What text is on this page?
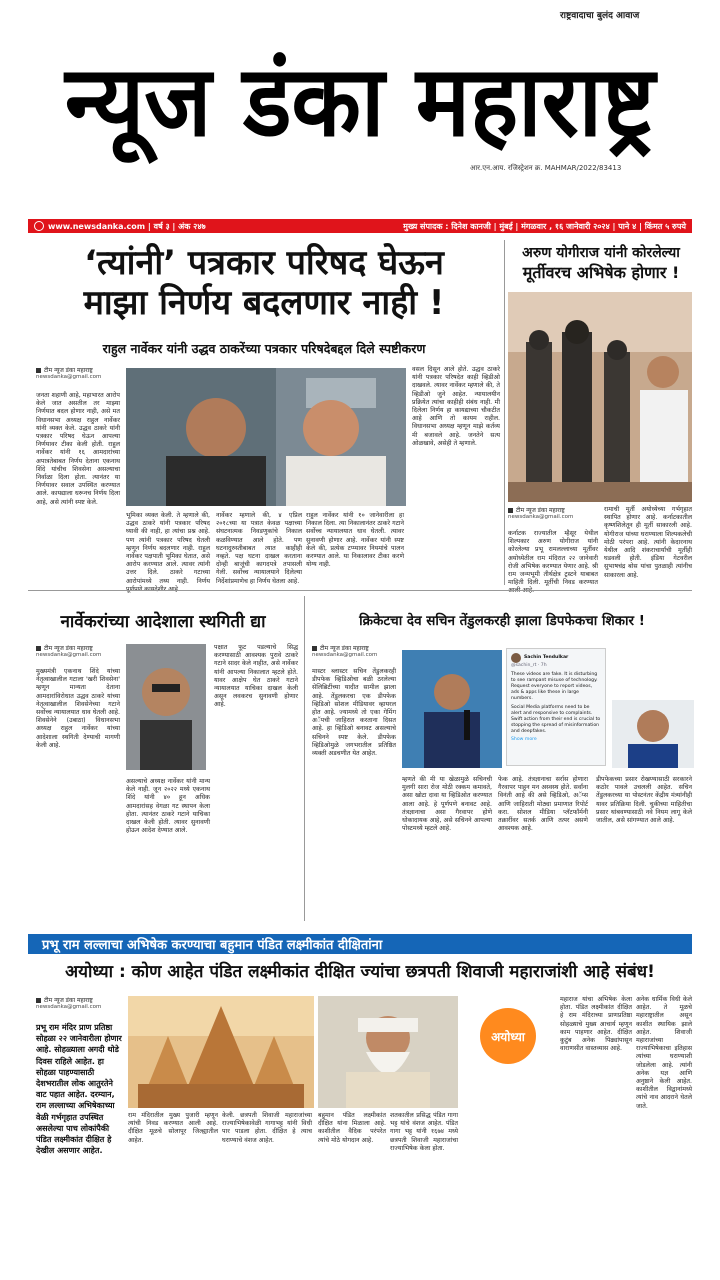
राष्ट्रवादाचा बुलंद आवाज
न्यूज डंका महाराष्ट्र
आर.एन.आय. रजिस्ट्रेशन क्र. MAHMAR/2022/83413
www.newsdanka.com | वर्ष ३ | अंक २४७	मुख्य संपादक : दिनेश कानजी | मुंबई | मंगळवार , १६ जानेवारी २०२४ | पाने ४ | किंमत ५ रुपये
‘त्यांनी’ पत्रकार परिषद घेऊन
माझा निर्णय बदलणार नाही !
राहुल नार्वेकर यांनी उद्धव ठाकरेंच्या पत्रकार परिषदेबद्दल दिले स्पष्टीकरण
टीम न्यूज डंका महाराष्ट्र
newsdanka@gmail.com
जनता शहाणी आहे, महाभारत आरोप केले जात असतील तर माझ्या निर्णयात बदल होणार नाही, असे मत विधानसभा अध्यक्ष राहुल नार्वेकर यांनी व्यक्त केले. उद्धव ठाकरे यांनी पत्रकार परिषद घेऊन आपल्या निर्णयावर टीका केली होती. राहुल नार्वेकर यांनी १६ आमदारांच्या अपात्रतेबाबत निर्णय देताना एकनाथ शिंदे यांचीच शिवसेना असल्याचा निर्वाळा दिला होता. त्यानंतर या निर्णयावर सवाल उपस्थित करण्यात आले. कायद्याला धरूनच निर्णय दिला आहे, असे त्यांनी स्पष्ट केले.
भूमिका व्यक्त केली. ते म्हणाले की, उद्धव ठाकरे यांनी पत्रकार परिषद घ्यावी की नाही, हा त्यांचा प्रश्न आहे. पण त्यांनी पत्रकार परिषद घेतली म्हणून निर्णय बदलणार नाही. राहुल नार्वेकर पक्षपाती भूमिका घेतात, असे आरोप करण्यात आले. त्यावर त्यांनी उत्तर दिले. ठाकरे गटाच्या आरोपांमध्ये तथ्य नाही. निर्णय
नार्वेकर म्हणाले की, ४ एप्रिल २०१८च्या या पत्रात केवळ पक्षाच्या संघटनात्मक निवडणुकांचे निकाल कळविण्यात आले होते. पण घटनादुरुस्तीबाबत त्यात काहीही नव्हते. पक्ष घटना दाखल करताना दोन्ही बाजूंची कागदपत्रे तपासली गेली. सर्वोच्च न्यायालयाने दिलेल्या निर्देशांप्रमाणेच हा निर्णय घेतला आहे.
राहुल नार्वेकर यांनी १० जानेवारीला हा निकाल दिला. त्या निकालानंतर ठाकरे गटाने सर्वोच्च न्यायालयात धाव घेतली. त्यावर सुनावणी होणार आहे. नार्वेकर यांनी स्पष्ट केले की, प्रत्येक टप्प्यावर नियमांचे पालन करण्यात आले. या निकालावर टीका करणे योग्य नाही.
वसल दिसून आले होते. उद्धव ठाकरे यांनी पत्रकार परिषदेत काही व्हिडीओ दाखवले. त्यावर नार्वेकर म्हणाले की, ते व्हिडीओ जुने आहेत. न्यायालयीन प्रक्रियेत त्यांचा काहीही संबंध नाही. मी दिलेला निर्णय हा कायद्याच्या चौकटीत आहे आणि तो कायम राहील. विधानसभा अध्यक्ष म्हणून माझे कर्तव्य मी बजावले आहे. जनतेने सत्य ओळखावे, असेही ते म्हणाले.
अरुण योगीराज यांनी कोरलेल्या
मूर्तीवरच अभिषेक होणार !
टीम न्यूज डंका महाराष्ट्र
newsdanka@gmail.com
कर्नाटक राज्यातील म्हैसूर येथील शिल्पकार अरुण योगीराज यांनी कोरलेल्या प्रभू रामलल्लाच्या मूर्तीवर अयोध्येतील राम मंदिरात २२ जानेवारी रोजी अभिषेक करण्यात येणार आहे. श्री राम जन्मभूमी तीर्थक्षेत्र ट्रस्टने याबाबत माहिती दिली. मूर्तीची निवड करण्यात
रामाची मूर्ती अयोध्येच्या गर्भगृहात स्थापित होणार आहे. कर्नाटकातील कृष्णशिलेतून ही मूर्ती साकारली आहे. योगीराज यांच्या घराण्याला शिल्पकलेची मोठी परंपरा आहे. त्यांनी केदारनाथ येथील आदि शंकराचार्यांची मूर्तीही घडवली होती. इंडिया गेटवरील सुभाषचंद्र बोस यांचा पुतळाही त्यांनीच साकारला आहे.
नार्वेकरांच्या आदेशाला स्थगिती द्या
टीम न्यूज डंका महाराष्ट्र
newsdanka@gmail.com
मुख्यमंत्री एकनाथ शिंदे यांच्या नेतृत्वाखालील गटाला 'खरी शिवसेना' म्हणून मान्यता देताना आमदारांविरोधात उद्धव ठाकरे यांच्या नेतृत्वाखालील शिवसेनेच्या गटाने सर्वोच्च न्यायालयात धाव घेतली आहे. शिवसेनेने (उबाठा) विधानसभा अध्यक्ष राहुल नार्वेकर यांच्या आदेशाला स्थगिती देण्याची मागणी केली आहे.
असल्याचे अध्यक्ष नार्वेकर यांनी मान्य केले नाही. जून २०२२ मध्ये एकनाथ शिंदे यांनी ४० हून अधिक आमदारांसह वेगळा गट स्थापन केला होता. त्यानंतर ठाकरे गटाने याचिका दाखल केली होती. त्यावर सुनावणी होऊन आदेश देण्यात आले.
पक्षात फूट पडल्याचे सिद्ध करण्यासाठी आवश्यक पुरावे ठाकरे गटाने सादर केले नाहीत, असे नार्वेकर यांनी आपल्या निकालात म्हटले होते. यावर आक्षेप घेत ठाकरे गटाने न्यायालयात याचिका दाखल केली असून लवकरच सुनावणी होणार आहे.
क्रिकेटचा देव सचिन तेंडुलकरही झाला डिपफेकचा शिकार !
टीम न्यूज डंका महाराष्ट्र
newsdanka@gmail.com
मास्टर ब्लास्टर सचिन तेंडुलकरही डीपफेक व्हिडिओचा बळी ठरलेल्या सेलिब्रिटींच्या यादीत सामील झाला आहे. तेंडुलकरचा एक डीपफेक व्हिडिओ सोशल मीडियावर व्हायरल होत आहे. ज्यामध्ये तो एका गेमिंग अॅपची जाहिरात करताना दिसत आहे. हा व्हिडिओ बनावट असल्याचे सचिनने स्पष्ट केले. डीपफेक व्हिडिओमुळे जगभरातील प्रतिष्ठित व्यक्ती अडचणीत येत आहेत.
Sachin Tendulkar
@sachin_rt · 7h
These videos are fake. It is disturbing to see rampant misuse of technology. Request everyone to report videos, ads & apps like these in large numbers.
Social Media platforms need to be alert and responsive to complaints. Swift action from their end is crucial to stopping the spread of misinformation and deepfakes.
Show more
म्हणते की मी या खेळामुळे सचिनची मुलगी सारा रोज मोठी रक्कम कमावते, असा खोटा दावा या व्हिडिओत करण्यात आला आहे. हे पूर्णपणे बनावट आहे. तंत्रज्ञानाचा असा गैरवापर होणे धोकादायक आहे, असे सचिनने आपल्या पोस्टमध्ये म्हटले आहे.
फेक आहे. तंत्रज्ञानाचा सर्रास होणारा गैरवापर पाहून मन अस्वस्थ होते. सर्वांना विनंती आहे की असे व्हिडिओ, अॅप्स आणि जाहिराती मोठ्या प्रमाणात रिपोर्ट करा. सोशल मीडिया प्लॅटफॉर्मनी तक्रारींवर सतर्क आणि तत्पर असणे आवश्यक आहे.
डीपफेकच्या प्रसार रोखण्यासाठी सरकारने कठोर पावले उचलली आहेत. सचिन तेंडुलकरच्या या पोस्टनंतर केंद्रीय मंत्र्यांनीही यावर प्रतिक्रिया दिली. चुकीच्या माहितीचा प्रसार थांबवण्यासाठी नवे नियम लागू केले जातील, असे सांगण्यात आले आहे.
प्रभू राम लल्लाचा अभिषेक करण्याचा बहुमान पंडित लक्ष्मीकांत दीक्षितांना
अयोध्या : कोण आहेत पंडित लक्ष्मीकांत दीक्षित ज्यांचा छत्रपती शिवाजी महाराजांशी आहे संबंध!
टीम न्यूज डंका महाराष्ट्र
newsdanka@gmail.com
प्रभू राम मंदिर प्राण प्रतिष्ठा सोहळा २२ जानेवारीला होणार आहे. सोहळ्याला अगदी थोडे दिवस राहिले आहेत. हा सोहळा पाहण्यासाठी देशभरातील लोक आतुरतेने वाट पहात आहेत. दरम्यान, राम लल्लाच्या अभिषेकाच्या वेळी गर्भगृहात उपस्थित असलेल्या पाच लोकांपैकी पंडित लक्ष्मीकांत दीक्षित हे देखील असणार आहेत.
अयोध्या
राम मंदिरातील मुख्य पुजारी म्हणून त्यांची निवड करण्यात आली आहे. दीक्षित मूळचे सोलापूर जिल्ह्यातील आहेत.
केली. छत्रपती शिवाजी महाराजांच्या राज्याभिषेकावेळी गागाभट्ट यांनी विधी पार पाडला होता. दीक्षित हे त्याच घराण्याचे वंशज आहेत.
बहुमान पंडित लक्ष्मीकांत दीक्षित यांना मिळाला आहे. काशीतील वैदिक परंपरेत त्यांचे मोठे योगदान आहे.
शतकातील प्रसिद्ध पंडित गागा भट्ट यांचे वंशज आहेत. पंडित गागा भट्ट यांनी १६७४ मध्ये छत्रपती शिवाजी महाराजांचा राज्याभिषेक केला होता.
महाराज यांचा अभिषेक केला होता. पंडित लक्ष्मीकांत दीक्षित हे राम मंदिराच्या प्राणप्रतिष्ठा सोहळ्याचे मुख्य आचार्य म्हणून काम पाहणार आहेत. दीक्षित कुटुंब अनेक पिढ्यांपासून वाराणसीत वास्तव्यास आहे.
अनेक धार्मिक विधी केले आहेत. ते मूळचे महाराष्ट्रातील असून काशीत स्थायिक झाले आहेत. शिवाजी महाराजांच्या राज्याभिषेकाचा इतिहास त्यांच्या घराण्याशी जोडलेला आहे. त्यांनी अनेक यज्ञ आणि अनुष्ठाने केली आहेत. काशीतील विद्वानांमध्ये त्यांचे नाव आदराने घेतले जाते.
